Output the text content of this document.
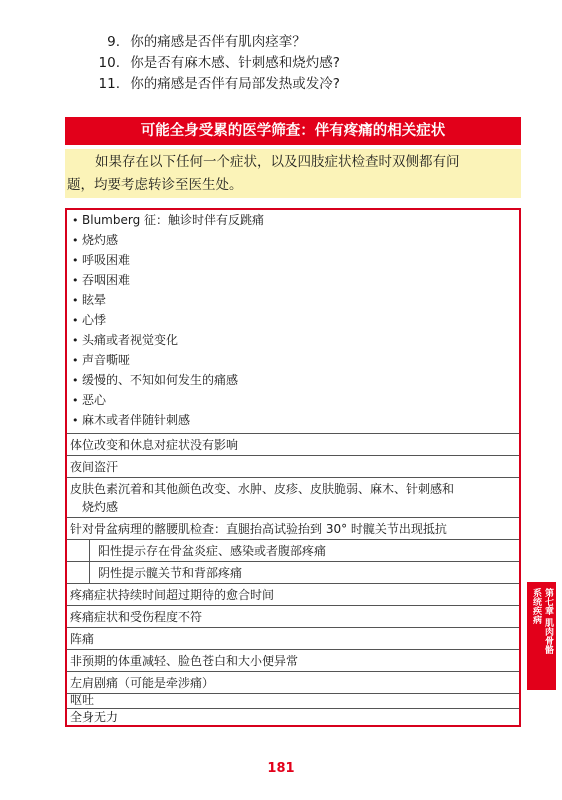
9. 你的痛感是否伴有肌肉痉挛？
10. 你是否有麻木感、针刺感和烧灼感?
11. 你的痛感是否伴有局部发热或发冷?
可能全身受累的医学筛查：伴有疼痛的相关症状
如果存在以下任何一个症状，以及四肢症状检查时双侧都有问
题，均要考虑转诊至医生处。
• Blumberg 征：触诊时伴有反跳痛
• 烧灼感
• 呼吸困难
• 吞咽困难
• 眩晕
• 心悸
• 头痛或者视觉变化
• 声音嘶哑
• 缓慢的、不知如何发生的痛感
• 恶心
• 麻木或者伴随针刺感
体位改变和休息对症状没有影响
夜间盗汗
皮肤色素沉着和其他颜色改变、水肿、皮疹、皮肤脆弱、麻木、针刺感和
烧灼感
针对骨盆病理的髂腰肌检查：直腿抬高试验抬到 30° 时髋关节出现抵抗
阳性提示存在骨盆炎症、感染或者腹部疼痛
阴性提示髋关节和背部疼痛
疼痛症状持续时间超过期待的愈合时间
疼痛症状和受伤程度不符
阵痛
非预期的体重减轻、脸色苍白和大小便异常
左肩剧痛（可能是牵涉痛）
呕吐
全身无力
第七章 肌肉骨骼
系统疾病
181
